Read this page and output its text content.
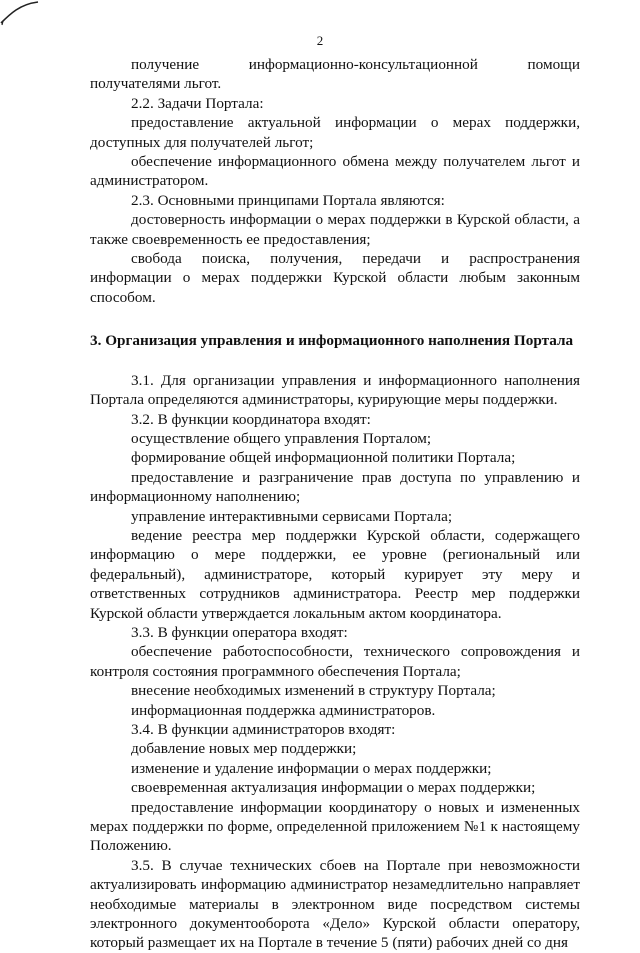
2

получение информационно-консультационной помощи получателями льгот.

2.2. Задачи Портала:

предоставление актуальной информации о мерах поддержки, доступных для получателей льгот;

обеспечение информационного обмена между получателем льгот и администратором.

2.3. Основными принципами Портала являются:

достоверность информации о мерах поддержки в Курской области, а также своевременность ее предоставления;

свобода поиска, получения, передачи и распространения информации о мерах поддержки Курской области любым законным способом.

3. Организация управления и информационного наполнения Портала

3.1. Для организации управления и информационного наполнения Портала определяются администраторы, курирующие меры поддержки.

3.2. В функции координатора входят:

осуществление общего управления Порталом;

формирование общей информационной политики Портала;

предоставление и разграничение прав доступа по управлению и информационному наполнению;

управление интерактивными сервисами Портала;

ведение реестра мер поддержки Курской области, содержащего информацию о мере поддержки, ее уровне (региональный или федеральный), администраторе, который курирует эту меру и ответственных сотрудников администратора. Реестр мер поддержки Курской области утверждается локальным актом координатора.

3.3. В функции оператора входят:

обеспечение работоспособности, технического сопровождения и контроля состояния программного обеспечения Портала;

внесение необходимых изменений в структуру Портала;

информационная поддержка администраторов.

3.4. В функции администраторов входят:

добавление новых мер поддержки;

изменение и удаление информации о мерах поддержки;

своевременная актуализация информации о мерах поддержки;

предоставление информации координатору о новых и измененных мерах поддержки по форме, определенной приложением №1 к настоящему Положению.

3.5. В случае технических сбоев на Портале при невозможности актуализировать информацию администратор незамедлительно направляет необходимые материалы в электронном виде посредством системы электронного документооборота «Дело» Курской области оператору, который размещает их на Портале в течение 5 (пяти) рабочих дней со дня
